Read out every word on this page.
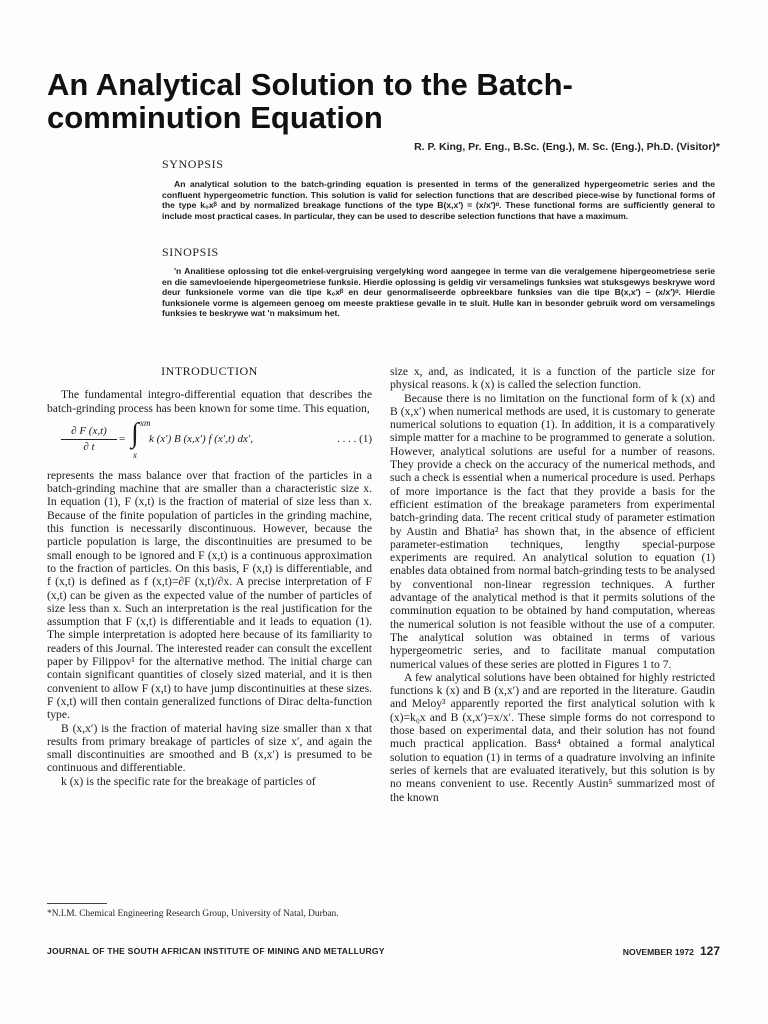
An Analytical Solution to the Batch-comminution Equation
R. P. King, Pr. Eng., B.Sc. (Eng.), M. Sc. (Eng.), Ph.D. (Visitor)*
SYNOPSIS
An analytical solution to the batch-grinding equation is presented in terms of the generalized hypergeometric series and the confluent hypergeometric function. This solution is valid for selection functions that are described piece-wise by functional forms of the type k₀xᵝ and by normalized breakage functions of the type B(x,x′) = (x/x′)ᵅ. These functional forms are sufficiently general to include most practical cases. In particular, they can be used to describe selection functions that have a maximum.
SINOPSIS
'n Analitiese oplossing tot die enkel-vergruising vergelyking word aangegee in terme van die veralgemene hipergeometriese serie en die samevloeiende hipergeometriese funksie. Hierdie oplossing is geldig vir versamelings funksies wat stuksgewys beskrywe word deur funksionele vorme van die tipe k₀xᵝ en deur genormaliseerde opbreekbare funksies van die tipe B(x,x′) – (x/x′)ᵅ. Hierdie funksionele vorme is algemeen genoeg om meeste praktiese gevalle in te sluit. Hulle kan in besonder gebruik word om versamelings funksies te beskrywe wat 'n maksimum het.
INTRODUCTION

The fundamental integro-differential equation that describes the batch-grinding process has been known for some time. This equation,

$\frac{\partial F (x,t)}{\partial t}$ = ∫ xm
x
k (x′) B (x,x′) f (x′,t) dx′,	. . . . (1)

represents the mass balance over that fraction of the particles in a batch-grinding machine that are smaller than a characteristic size x. In equation (1), F (x,t) is the fraction of material of size less than x. Because of the finite population of particles in the grinding machine, this function is necessarily discontinuous. However, because the particle population is large, the discontinuities are presumed to be small enough to be ignored and F (x,t) is a continuous approximation to the fraction of particles. On this basis, F (x,t) is differentiable, and f (x,t) is defined as f (x,t)=∂F (x,t)/∂x. A precise interpretation of F (x,t) can be given as the expected value of the number of particles of size less than x. Such an interpretation is the real justification for the assumption that F (x,t) is differentiable and it leads to equation (1). The simple interpretation is adopted here because of its familiarity to readers of this Journal. The interested reader can consult the excellent paper by Filippov¹ for the alternative method. The initial charge can contain significant quantities of closely sized material, and it is then convenient to allow F (x,t) to have jump discontinuities at these sizes. F (x,t) will then contain generalized functions of Dirac delta-function type.

B (x,x′) is the fraction of material having size smaller than x that results from primary breakage of particles of size x′, and again the small discontinuities are smoothed and B (x,x′) is presumed to be continuous and differentiable.

k (x) is the specific rate for the breakage of particles of

size x, and, as indicated, it is a function of the particle size for physical reasons. k (x) is called the selection function.

Because there is no limitation on the functional form of k (x) and B (x,x′) when numerical methods are used, it is customary to generate numerical solutions to equation (1). In addition, it is a comparatively simple matter for a machine to be programmed to generate a solution. However, analytical solutions are useful for a number of reasons. They provide a check on the accuracy of the numerical methods, and such a check is essential when a numerical procedure is used. Perhaps of more importance is the fact that they provide a basis for the efficient estimation of the breakage parameters from experimental batch-grinding data. The recent critical study of parameter estimation by Austin and Bhatia² has shown that, in the absence of efficient parameter-estimation techniques, lengthy special-purpose experiments are required. An analytical solution to equation (1) enables data obtained from normal batch-grinding tests to be analysed by conventional non-linear regression techniques. A further advantage of the analytical method is that it permits solutions of the comminution equation to be obtained by hand computation, whereas the numerical solution is not feasible without the use of a computer. The analytical solution was obtained in terms of various hypergeometric series, and to facilitate manual computation numerical values of these series are plotted in Figures 1 to 7.

A few analytical solutions have been obtained for highly restricted functions k (x) and B (x,x′) and are reported in the literature. Gaudin and Meloy³ apparently reported the first analytical solution with k (x)=k₀x and B (x,x′)=x/x′. These simple forms do not correspond to those based on experimental data, and their solution has not found much practical application. Bass⁴ obtained a formal analytical solution to equation (1) in terms of a quadrature involving an infinite series of kernels that are evaluated iteratively, but this solution is by no means convenient to use. Recently Austin⁵ summarized most of the known

*N.I.M. Chemical Engineering Research Group, University of Natal, Durban.
JOURNAL OF THE SOUTH AFRICAN INSTITUTE OF MINING AND METALLURGY	NOVEMBER 1972 127
